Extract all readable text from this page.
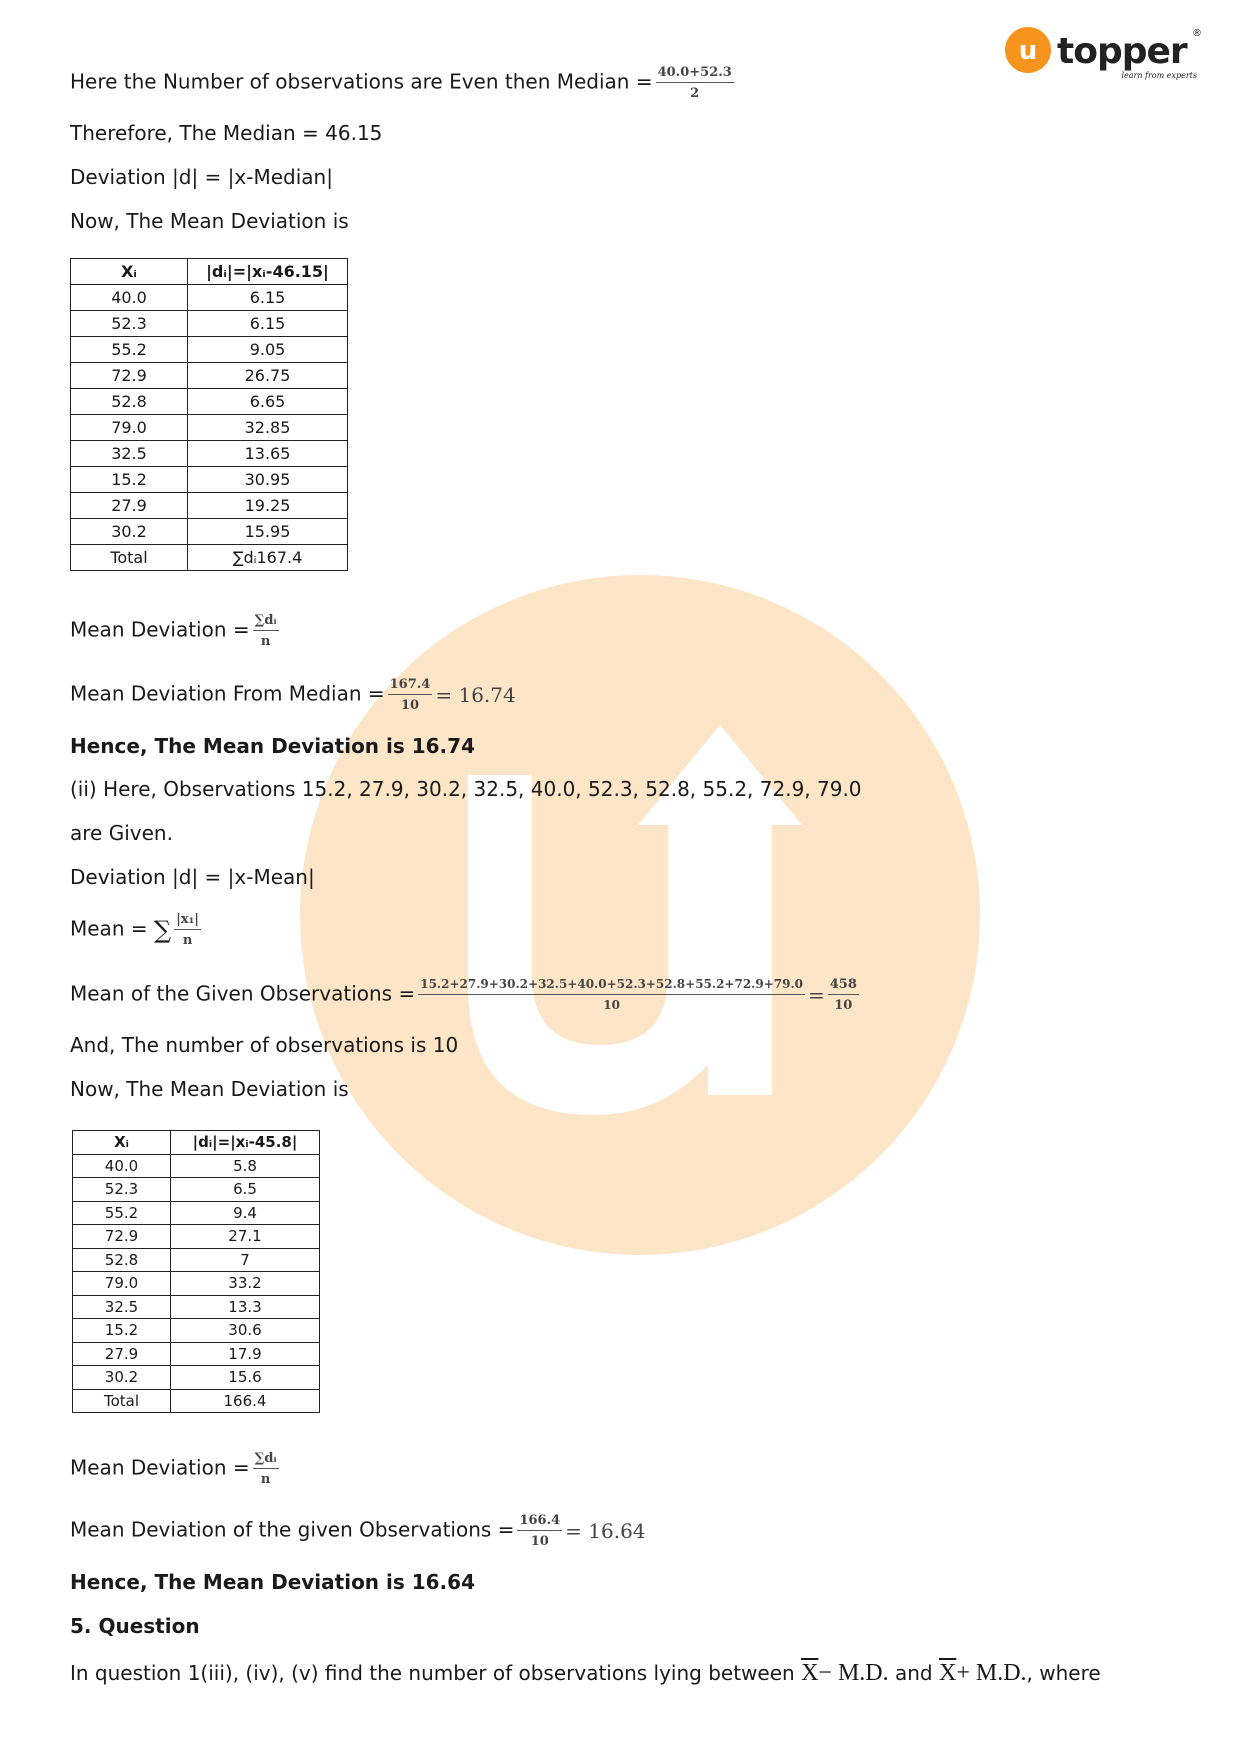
u topper ®
learn from experts
Here the Number of observations are Even then Median = $\frac{40.0+52.3}{2}$
Therefore, The Median = 46.15
Deviation |d| = |x-Median|
Now, The Mean Deviation is
Xᵢ	|dᵢ|=|xᵢ-46.15|
40.0	6.15
52.3	6.15
55.2	9.05
72.9	26.75
52.8	6.65
79.0	32.85
32.5	13.65
15.2	30.95
27.9	19.25
30.2	15.95
Total	∑dᵢ167.4
Mean Deviation = $\frac{\text{∑dᵢ}}{n}$
Mean Deviation From Median = $\frac{167.4}{10} = 16.74$
Hence, The Mean Deviation is 16.74
(ii) Here, Observations 15.2, 27.9, 30.2, 32.5, 40.0, 52.3, 52.8, 55.2, 72.9, 79.0
are Given.
Deviation |d| = |x-Mean|
Mean = ∑ $\frac{\text{|x₁|}}{n}$
Mean of the Given Observations = $\frac{15.2+27.9+30.2+32.5+40.0+52.3+52.8+55.2+72.9+79.0}{10} = \frac{458}{10}$
And, The number of observations is 10
Now, The Mean Deviation is
Xᵢ	|dᵢ|=|xᵢ-45.8|
40.0	5.8
52.3	6.5
55.2	9.4
72.9	27.1
52.8	7
79.0	33.2
32.5	13.3
15.2	30.6
27.9	17.9
30.2	15.6
Total	166.4
Mean Deviation = $\frac{\text{∑dᵢ}}{n}$
Mean Deviation of the given Observations = $\frac{166.4}{10} = 16.64$
Hence, The Mean Deviation is 16.64
5. Question
In question 1(iii), (iv), (v) find the number of observations lying between $\overline{X}- M.D$. and $\overline{X}+ M.D$., where
